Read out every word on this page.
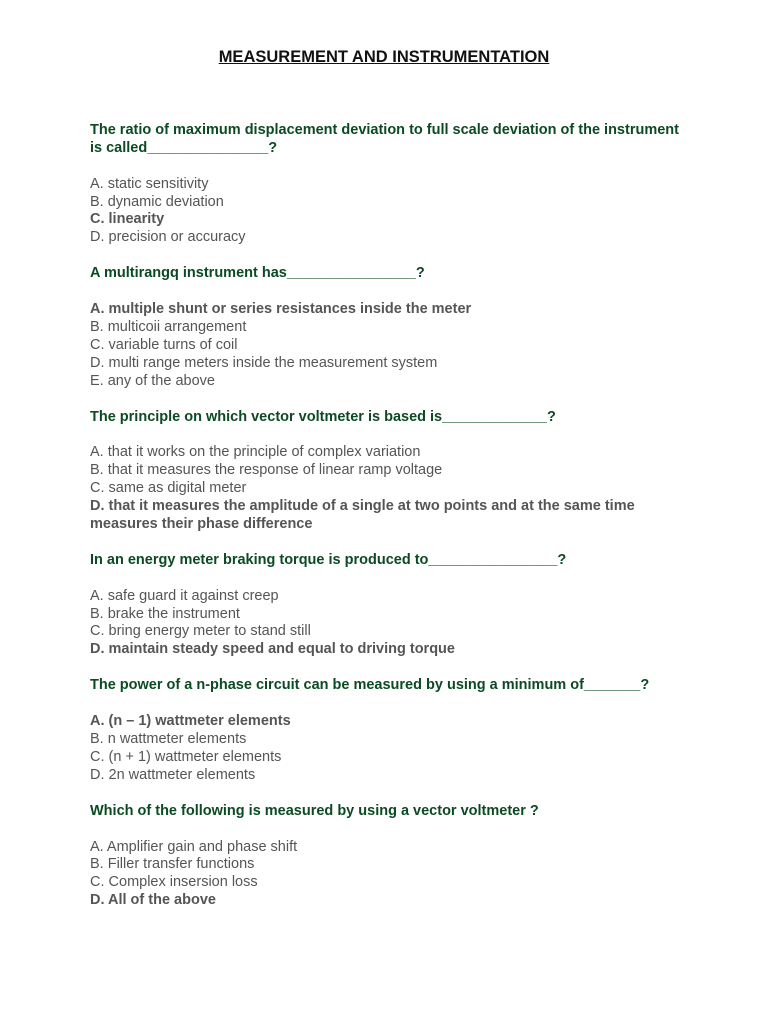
MEASUREMENT AND INSTRUMENTATION
The ratio of maximum displacement deviation to full scale deviation of the instrument is called_______________?
A. static sensitivity
B. dynamic deviation
C. linearity
D. precision or accuracy
A multirangq instrument has________________?
A. multiple shunt or series resistances inside the meter
B. multicoii arrangement
C. variable turns of coil
D. multi range meters inside the measurement system
E. any of the above
The principle on which vector voltmeter is based is_____________?
A. that it works on the principle of complex variation
B. that it measures the response of linear ramp voltage
C. same as digital meter
D. that it measures the amplitude of a single at two points and at the same time measures their phase difference
In an energy meter braking torque is produced to________________?
A. safe guard it against creep
B. brake the instrument
C. bring energy meter to stand still
D. maintain steady speed and equal to driving torque
The power of a n-phase circuit can be measured by using a minimum of_______?
A. (n – 1) wattmeter elements
B. n wattmeter elements
C. (n + 1) wattmeter elements
D. 2n wattmeter elements
Which of the following is measured by using a vector voltmeter ?
A. Amplifier gain and phase shift
B. Filler transfer functions
C. Complex insersion loss
D. All of the above
